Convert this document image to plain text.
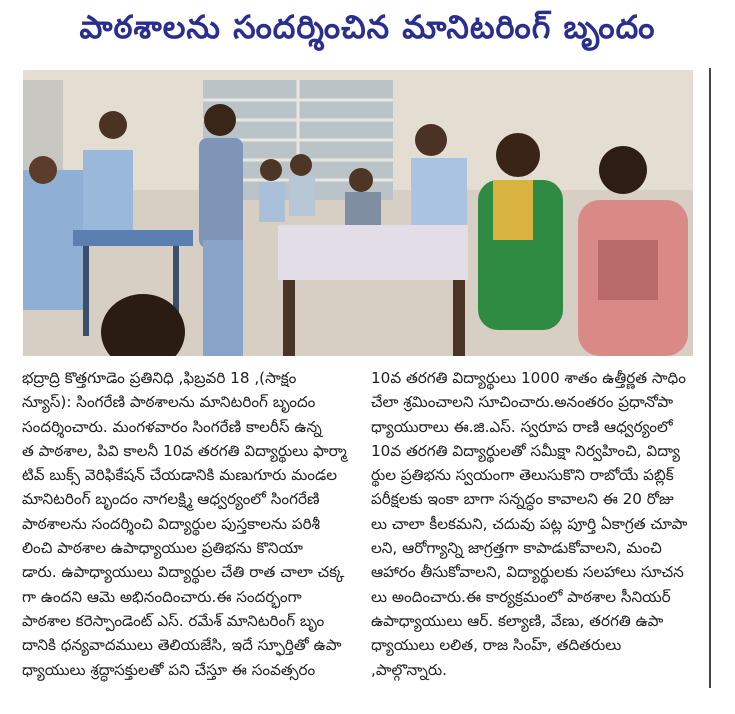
పాఠశాలను సందర్శించిన మానిటరింగ్ బృందం
భద్రాద్రి కొత్తగూడెం ప్రతినిధి ,ఫిబ్రవరి 18 ,(సాక్షం
న్యూస్): సింగరేణి పాఠశాలను మానిటరింగ్ బృందం
సందర్శించారు. మంగళవారం సింగరేణి కాలరీస్ ఉన్న
త పాఠశాల, పివి కాలనీ 10వ తరగతి విద్యార్థులు ఫార్మా
టివ్ బుక్స్ వెరిఫికేషన్ చేయడానికి మణుగూరు మండల
మానిటరింగ్ బృందం నాగలక్ష్మి ఆధ్వర్యంలో సింగరేణి
పాఠశాలను సందర్శించి విద్యార్థుల పుస్తకాలను పరిశీ
లించి పాఠశాల ఉపాధ్యాయుల ప్రతిభను కొనియా
డారు. ఉపాధ్యాయులు విద్యార్థుల చేతి రాత చాలా చక్క
గా ఉందని ఆమె అభినందించారు.ఈ సందర్భంగా
పాఠశాల కరెస్పాండెంట్ ఎస్. రమేశ్ మానిటరింగ్ బృం
దానికి ధన్యవాదములు తెలియజేసి, ఇదే స్ఫూర్తితో ఉపా
ధ్యాయులు శ్రద్ధాసక్తులతో పని చేస్తూ ఈ సంవత్సరం
10వ తరగతి విద్యార్థులు 1000 శాతం ఉత్తీర్ణత సాధిం
చేలా శ్రమించాలని సూచించారు.అనంతరం ప్రధానోపా
ధ్యాయురాలు ఈ.జి.ఎస్. స్వరూప రాణి ఆధ్వర్యంలో
10వ తరగతి విద్యార్థులతో సమీక్షా నిర్వహించి, విద్యా
ర్థుల ప్రతిభను స్వయంగా తెలుసుకొని రాబోయే పబ్లిక్
పరీక్షలకు ఇంకా బాగా సన్నద్ధం కావాలని ఈ 20 రోజు
లు చాలా కీలకమని, చదువు పట్ల పూర్తి ఏకాగ్రత చూపా
లని, ఆరోగ్యాన్ని జాగ్రత్తగా కాపాడుకోవాలని, మంచి
ఆహారం తీసుకోవాలని, విద్యార్థులకు సలహాలు సూచన
లు అందించారు.ఈ కార్యక్రమంలో పాఠశాల సీనియర్
ఉపాధ్యాయులు ఆర్. కల్యాణి, వేణు, తరగతి ఉపా
ధ్యాయులు లలిత, రాజ సింహ్, తదితరులు
,పాల్గొన్నారు.
